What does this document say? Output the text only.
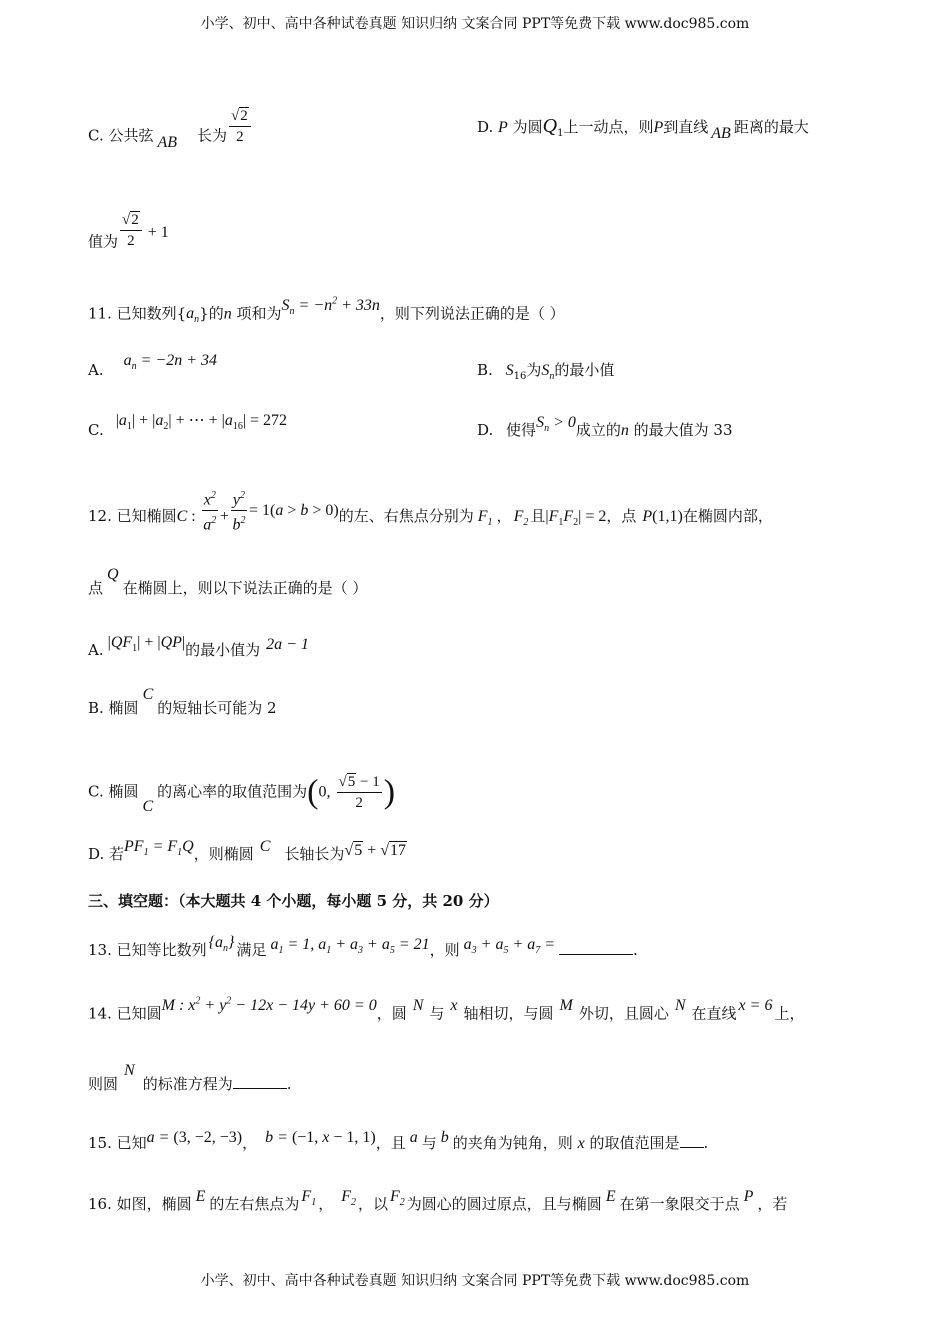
小学、初中、高中各种试卷真题 知识归纳 文案合同 PPT等免费下载 www.doc985.com
C. 公共弦 AB 长为 $\frac{√2}{2}$	D. P 为圆$Q_1$上一动点，则P到直线 AB 距离的最大
值为 $\frac{√2}{2} + 1$
11. 已知数列$\{a_n\}$的n 项和为$S_n = -n^2 + 33n$，则下列说法正确的是（ ）
$A.a_n = -2n + 34$
B. $S_{16}$为$S_n$的最小值
$C.|a_1| + |a_2|$ + ⋯ + $|a_{16}| = 272$
D. 使得$S_n > 0$成立的n 的最大值为 33
12. 已知椭圆C : $\frac{x^2}{a^2} + \frac{y^2}{b^2} = 1(a > b > 0)$的左、右焦点分别为 $F_1$ ， $F_2$ 且$|F_1F_2| = 2$，点 P(1,1)在椭圆内部，
点Q在椭圆上，则以下说法正确的是（ ）
A. $|QF_1| + |QP|$的最小值为 2a − 1
B. 椭圆C的短轴长可能为 2
C. 椭圆C的离心率的取值范围为(0, $\frac{√5 - 1}{2}$ )
D. 若$PF_1 = F_1Q$，则椭圆 C 长轴长为√5 + √17
三、填空题：（本大题共 4 个小题，每小题 5 分，共 20 分）
13. 已知等比数列 $\{a_n\}$ 满足 $a_1 = 1$, $a_1 + a_3 + a_5 = 21$，则 $a_3 + a_5 + a_7$ =	.
14. 已知圆M : $x^2 + y^2 - 12x - 14y + 60 = 0$，圆 N 与 x 轴相切，与圆 M 外切，且圆心 N 在直线 x = 6 上，
则圆N的标准方程为	.
15. 已知a = (3, −2, −3)， b = (−1, x − 1, 1)，且 a 与 b 的夹角为钝角，则 x 的取值范围是 .
16. 如图，椭圆 E 的左右焦点为 $F_1$ ， $F_2$ ，以 $F_2$ 为圆心的圆过原点，且与椭圆 E 在第一象限交于点 P ，若
小学、初中、高中各种试卷真题 知识归纳 文案合同 PPT等免费下载 www.doc985.com
